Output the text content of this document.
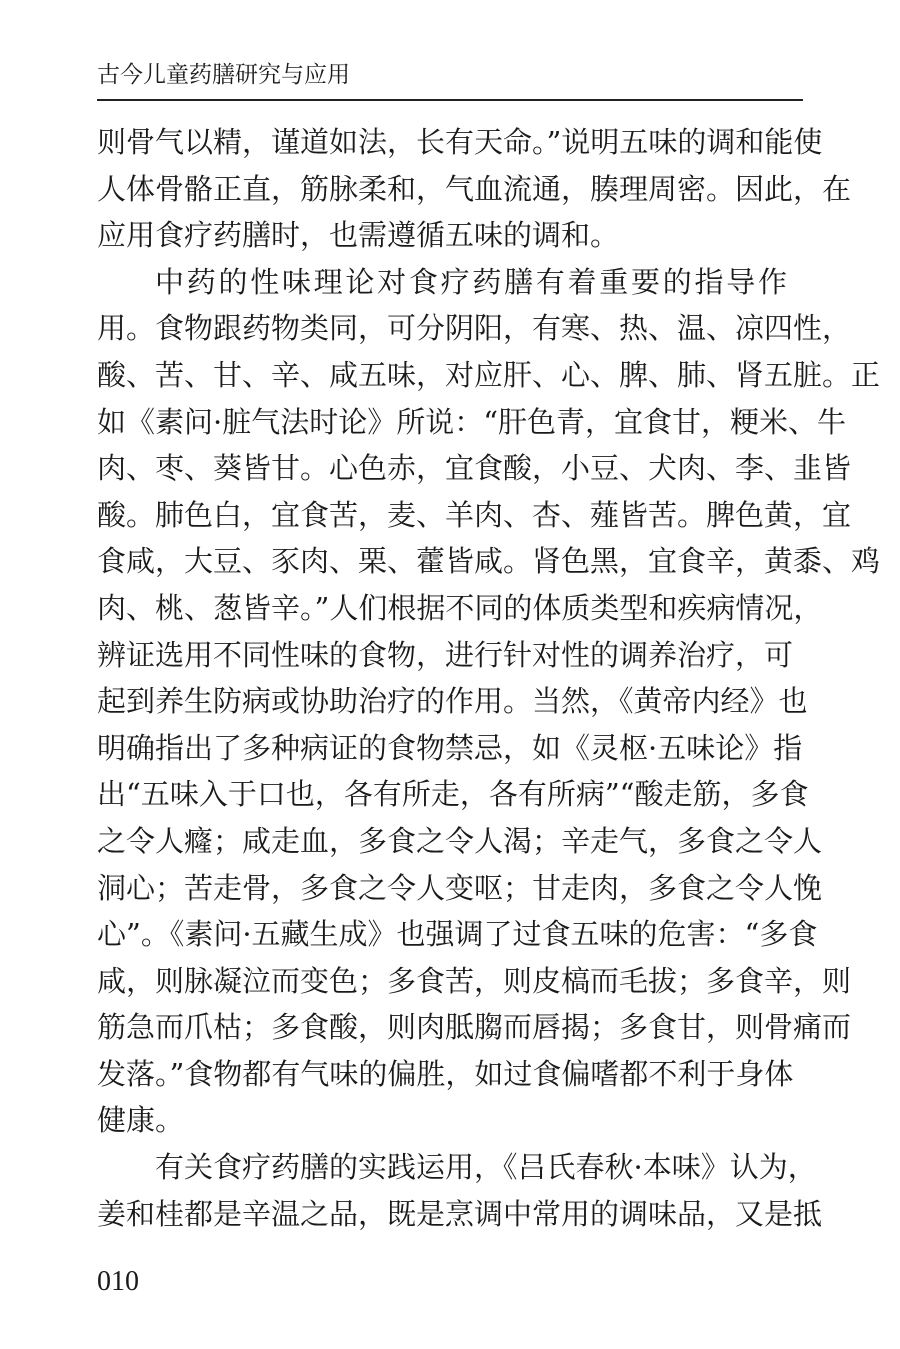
古今儿童药膳研究与应用
则骨气以精，谨道如法，长有天命。”说明五味的调和能使
人体骨骼正直，筋脉柔和，气血流通，腠理周密。因此，在
应用食疗药膳时，也需遵循五味的调和。
中药的性味理论对食疗药膳有着重要的指导作
用。食物跟药物类同，可分阴阳，有寒、热、温、凉四性，
酸、苦、甘、辛、咸五味，对应肝、心、脾、肺、肾五脏。正
如《素问·脏气法时论》所说：“肝色青，宜食甘，粳米、牛
肉、枣、葵皆甘。心色赤，宜食酸，小豆、犬肉、李、韭皆
酸。肺色白，宜食苦，麦、羊肉、杏、薤皆苦。脾色黄，宜
食咸，大豆、豕肉、栗、藿皆咸。肾色黑，宜食辛，黄黍、鸡
肉、桃、葱皆辛。”人们根据不同的体质类型和疾病情况，
辨证选用不同性味的食物，进行针对性的调养治疗，可
起到养生防病或协助治疗的作用。当然，《黄帝内经》也
明确指出了多种病证的食物禁忌，如《灵枢·五味论》指
出“五味入于口也，各有所走，各有所病”“酸走筋，多食
之令人癃；咸走血，多食之令人渴；辛走气，多食之令人
洞心；苦走骨，多食之令人变呕；甘走肉，多食之令人悗
心”。《素问·五藏生成》也强调了过食五味的危害：“多食
咸，则脉凝泣而变色；多食苦，则皮槁而毛拔；多食辛，则
筋急而爪枯；多食酸，则肉胝䐢而唇揭；多食甘，则骨痛而
发落。”食物都有气味的偏胜，如过食偏嗜都不利于身体
健康。
有关食疗药膳的实践运用，《吕氏春秋·本味》认为，
姜和桂都是辛温之品，既是烹调中常用的调味品，又是抵
010
